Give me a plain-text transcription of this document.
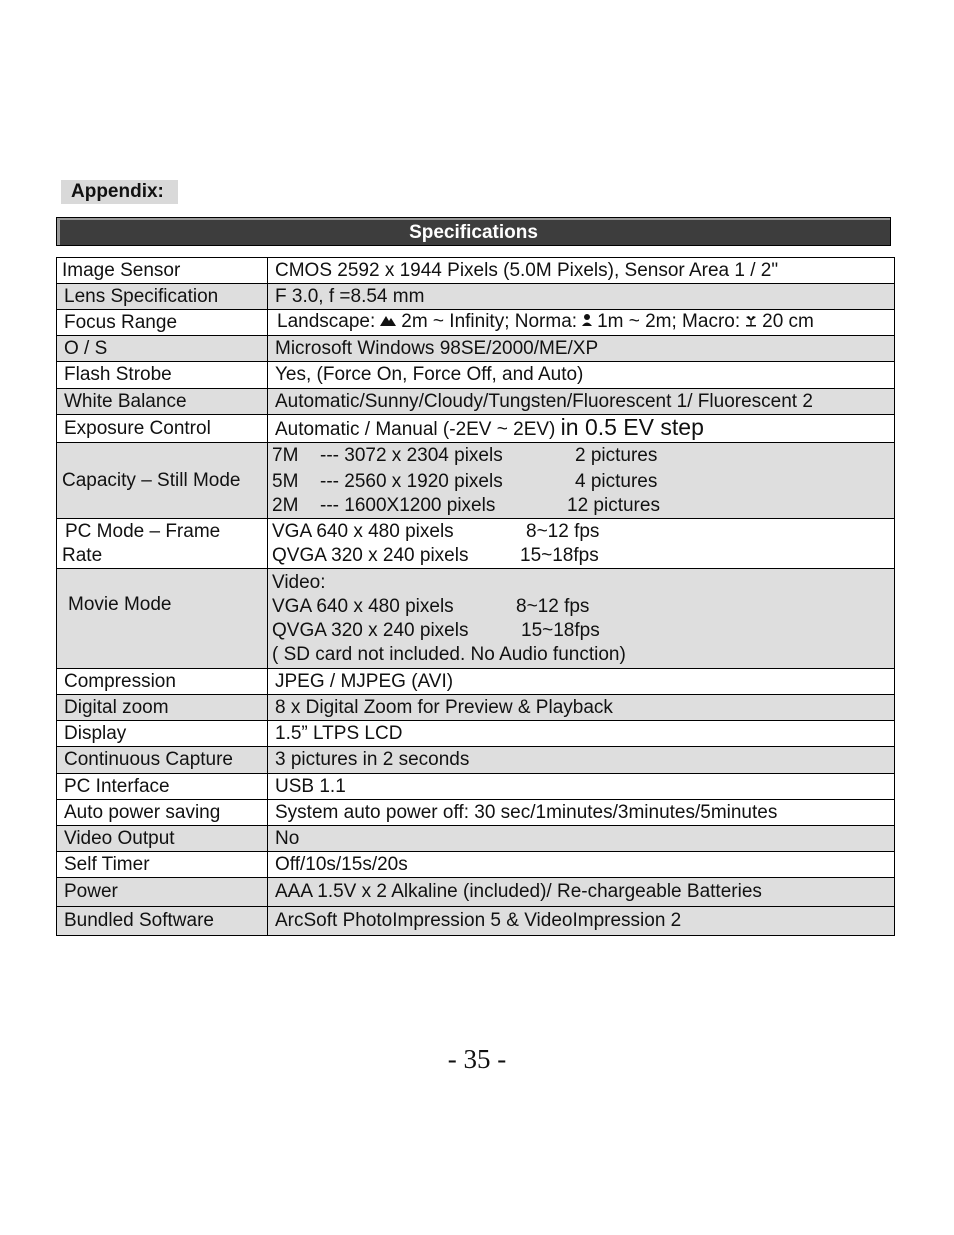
Appendix:
Specifications
Image Sensor	CMOS 2592 x 1944 Pixels (5.0M Pixels), Sensor Area 1 / 2"
Lens Specification	F 3.0, f =8.54 mm
Focus Range	Landscape: 2m ~ Infinity; Norma: 1m ~ 2m; Macro: 20 cm
O / S	Microsoft Windows 98SE/2000/ME/XP
Flash Strobe	Yes, (Force On, Force Off, and Auto)
White Balance	Automatic/Sunny/Cloudy/Tungsten/Fluorescent 1/ Fluorescent 2
Exposure Control	Automatic / Manual (-2EV ~ 2EV) in 0.5 EV step
Capacity – Still Mode	7M --- 3072 x 2304 pixels 2 pictures
5M --- 2560 x 1920 pixels 4 pictures
2M --- 1600X1200 pixels 12 pictures

PC Mode – Frame
Rate	VGA 640 x 480 pixels 8~12 fps
QVGA 320 x 240 pixels 15~18fps

Movie Mode	Video:
VGA 640 x 480 pixels 8~12 fps
QVGA 320 x 240 pixels 15~18fps
( SD card not included. No Audio function)

Compression	JPEG / MJPEG (AVI)
Digital zoom	8 x Digital Zoom for Preview & Playback
Display	1.5” LTPS LCD
Continuous Capture	3 pictures in 2 seconds
PC Interface	USB 1.1
Auto power saving	System auto power off: 30 sec/1minutes/3minutes/5minutes
Video Output	No
Self Timer	Off/10s/15s/20s
Power	AAA 1.5V x 2 Alkaline (included)/ Re-chargeable Batteries
Bundled Software	ArcSoft PhotoImpression 5 & VideoImpression 2
- 35 -
